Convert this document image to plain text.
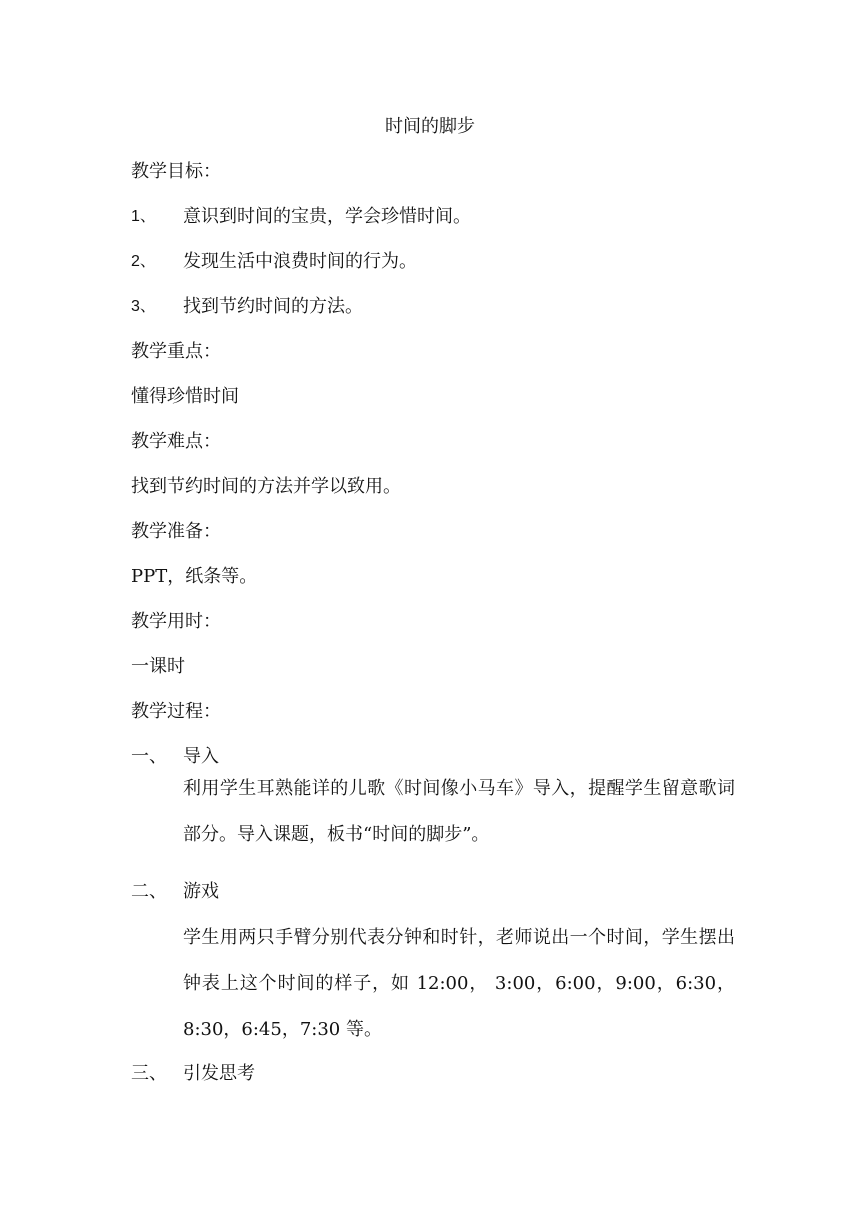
时间的脚步
教学目标：
1、 意识到时间的宝贵，学会珍惜时间。
2、 发现生活中浪费时间的行为。
3、 找到节约时间的方法。
教学重点：
懂得珍惜时间
教学难点：
找到节约时间的方法并学以致用。
教学准备：
PPT，纸条等。
教学用时：
一课时
教学过程：
一、 导入
利用学生耳熟能详的儿歌《时间像小马车》导入，提醒学生留意歌词部分。导入课题，板书“时间的脚步”。
二、 游戏
学生用两只手臂分别代表分钟和时针，老师说出一个时间，学生摆出钟表上这个时间的样子，如 12:00， 3:00，6:00，9:00，6:30，8:30，6:45，7:30 等。
三、 引发思考
